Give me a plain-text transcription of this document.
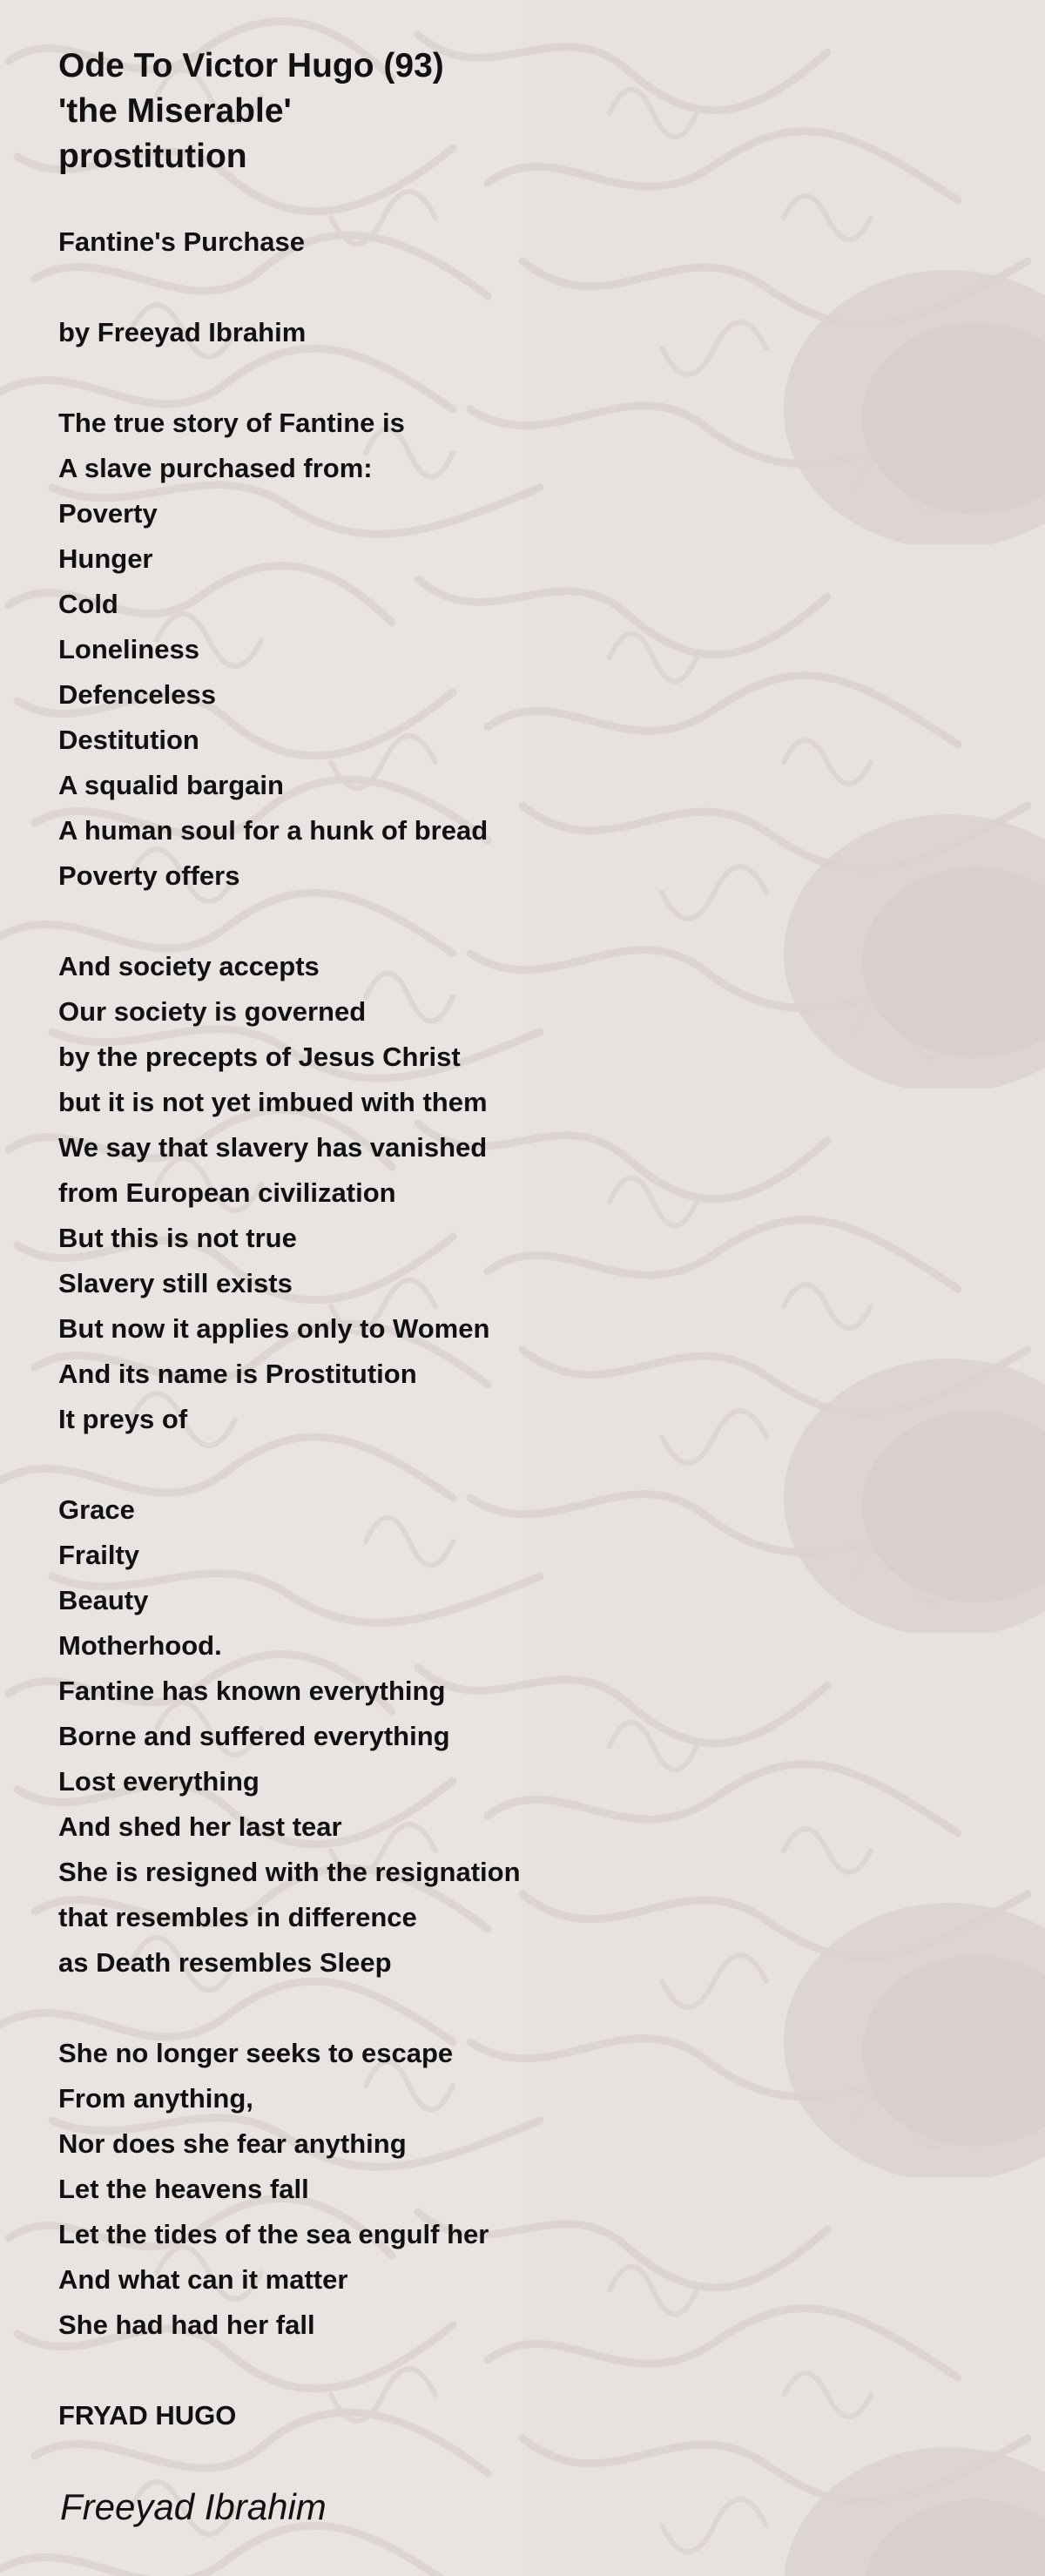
Ode To Victor Hugo (93)
'the Miserable'
prostitution
Fantine's Purchase
by Freeyad Ibrahim
The true story of Fantine is
A slave purchased from:
Poverty
Hunger
Cold
Loneliness
Defenceless
Destitution
A squalid bargain
A human soul for a hunk of bread
Poverty offers
And society accepts
Our society is governed
by the precepts of Jesus Christ
but it is not yet imbued with them
We say that slavery has vanished
from European civilization
But this is not true
Slavery still exists
But now it applies only to Women
And its name is Prostitution
It preys of
Grace
Frailty
Beauty
Motherhood.
Fantine has known everything
Borne and suffered everything
Lost everything
And shed her last tear
She is resigned with the resignation
that resembles in difference
as Death resembles Sleep
She no longer seeks to escape
From anything,
Nor does she fear anything
Let the heavens fall
Let the tides of the sea engulf her
And what can it matter
She had had her fall
FRYAD HUGO
Freeyad Ibrahim
